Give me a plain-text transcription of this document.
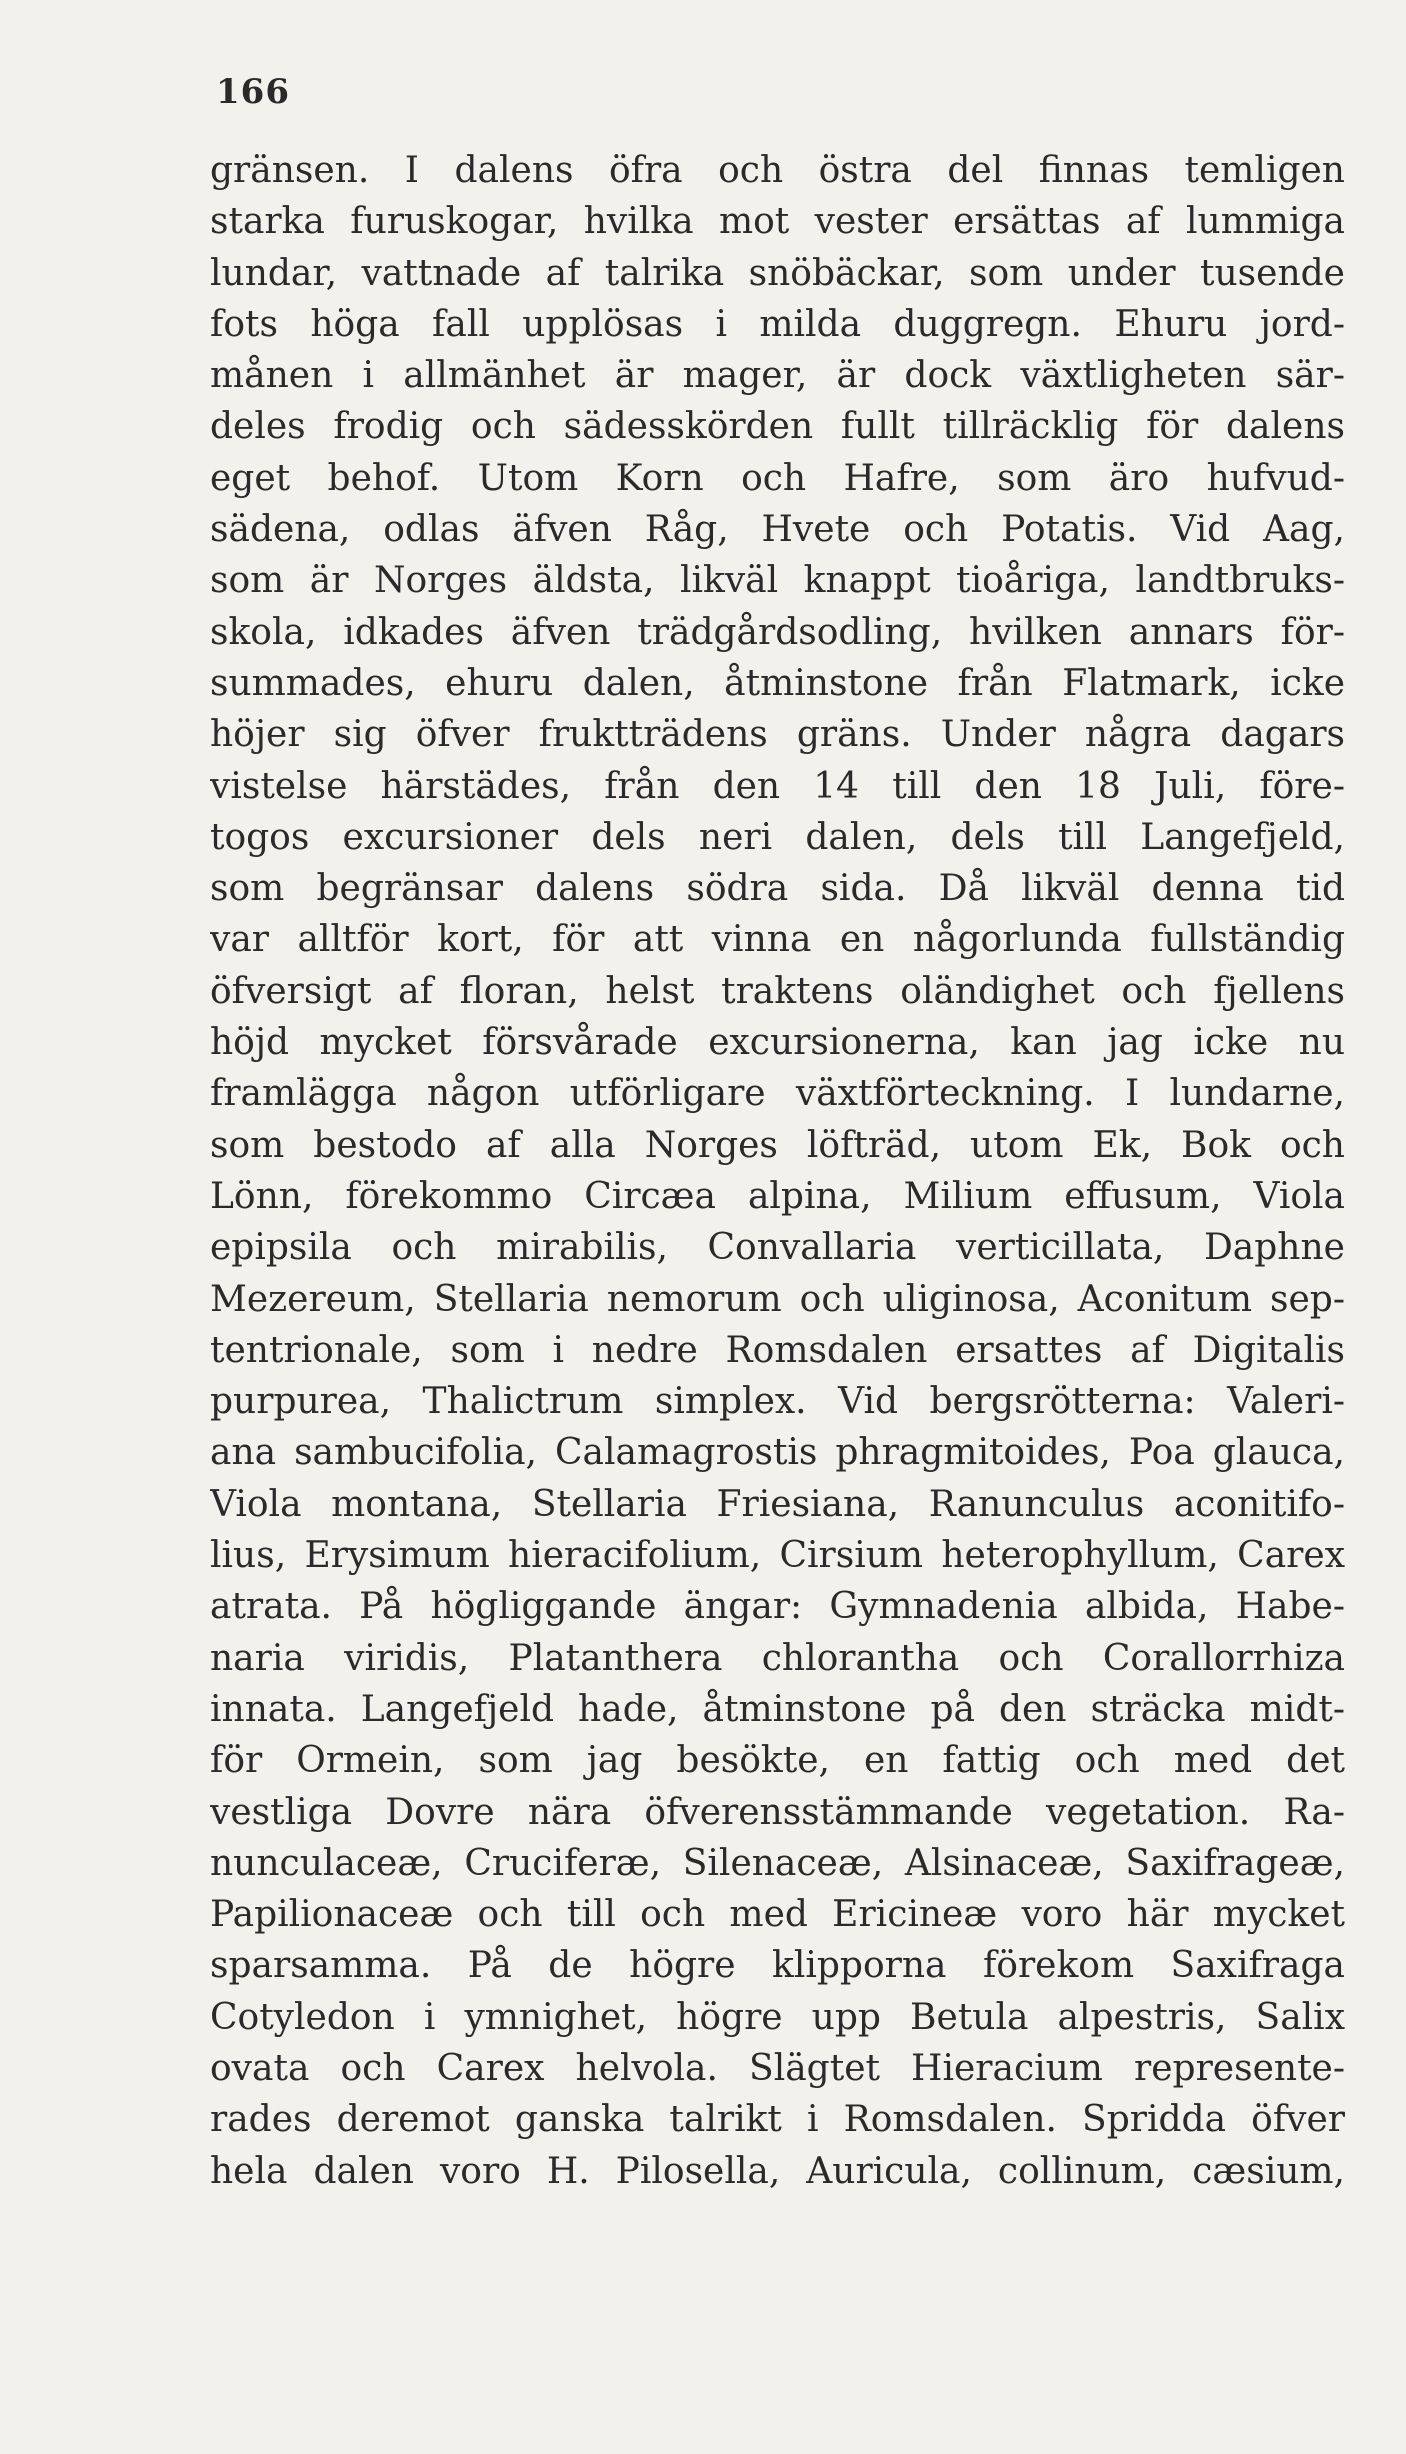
166
gränsen. I dalens öfra och östra del finnas temligen
starka furuskogar, hvilka mot vester ersättas af lummiga
lundar, vattnade af talrika snöbäckar, som under tusende
fots höga fall upplösas i milda duggregn. Ehuru jord-
månen i allmänhet är mager, är dock växtligheten sär-
deles frodig och sädesskörden fullt tillräcklig för dalens
eget behof. Utom Korn och Hafre, som äro hufvud-
sädena, odlas äfven Råg, Hvete och Potatis. Vid Aag,
som är Norges äldsta, likväl knappt tioåriga, landtbruks-
skola, idkades äfven trädgårdsodling, hvilken annars för-
summades, ehuru dalen, åtminstone från Flatmark, icke
höjer sig öfver fruktträdens gräns. Under några dagars
vistelse härstädes, från den 14 till den 18 Juli, före-
togos excursioner dels neri dalen, dels till Langefjeld,
som begränsar dalens södra sida. Då likväl denna tid
var alltför kort, för att vinna en någorlunda fullständig
öfversigt af floran, helst traktens oländighet och fjellens
höjd mycket försvårade excursionerna, kan jag icke nu
framlägga någon utförligare växtförteckning. I lundarne,
som bestodo af alla Norges löfträd, utom Ek, Bok och
Lönn, förekommo Circæa alpina, Milium effusum, Viola
epipsila och mirabilis, Convallaria verticillata, Daphne
Mezereum, Stellaria nemorum och uliginosa, Aconitum sep-
tentrionale, som i nedre Romsdalen ersattes af Digitalis
purpurea, Thalictrum simplex. Vid bergsrötterna: Valeri-
ana sambucifolia, Calamagrostis phragmitoides, Poa glauca,
Viola montana, Stellaria Friesiana, Ranunculus aconitifo-
lius, Erysimum hieracifolium, Cirsium heterophyllum, Carex
atrata. På högliggande ängar: Gymnadenia albida, Habe-
naria viridis, Platanthera chlorantha och Corallorrhiza
innata. Langefjeld hade, åtminstone på den sträcka midt-
för Ormein, som jag besökte, en fattig och med det
vestliga Dovre nära öfverensstämmande vegetation. Ra-
nunculaceæ, Cruciferæ, Silenaceæ, Alsinaceæ, Saxifrageæ,
Papilionaceæ och till och med Ericineæ voro här mycket
sparsamma. På de högre klipporna förekom Saxifraga
Cotyledon i ymnighet, högre upp Betula alpestris, Salix
ovata och Carex helvola. Slägtet Hieracium represente-
rades deremot ganska talrikt i Romsdalen. Spridda öfver
hela dalen voro H. Pilosella, Auricula, collinum, cæsium,
